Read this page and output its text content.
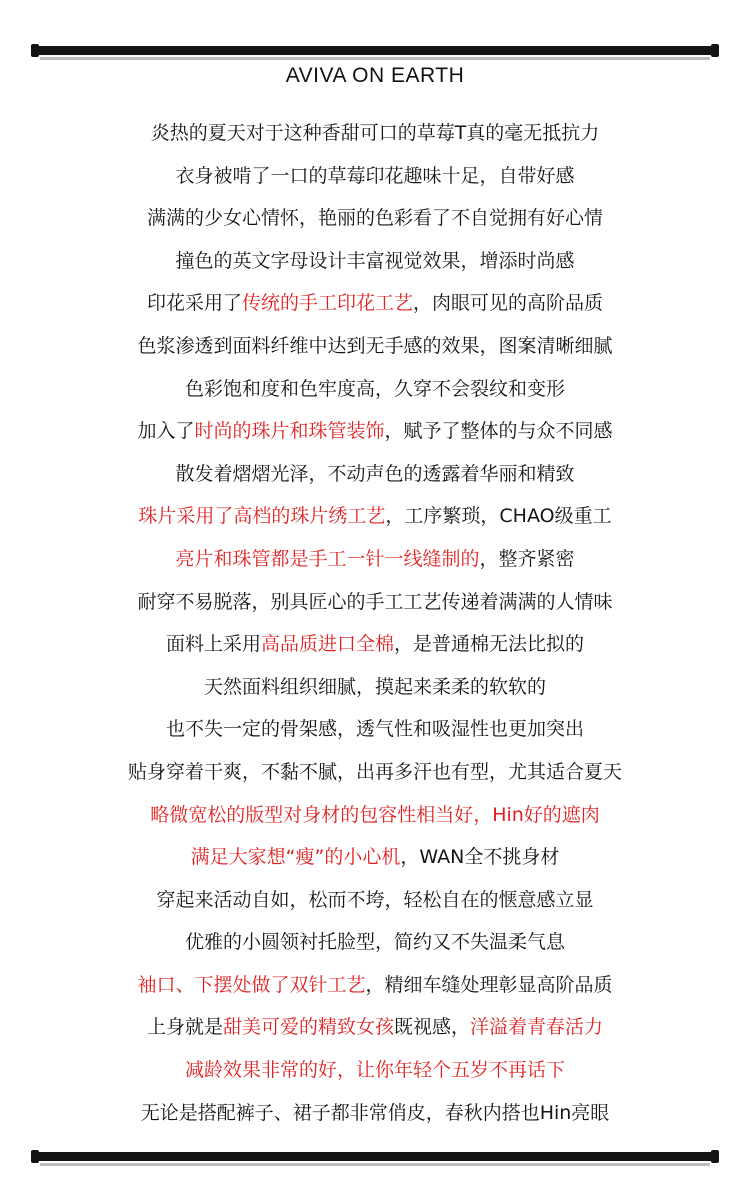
AVIVA ON EARTH
炎热的夏天对于这种香甜可口的草莓T真的毫无抵抗力
衣身被啃了一口的草莓印花趣味十足，自带好感
满满的少女心情怀，艳丽的色彩看了不自觉拥有好心情
撞色的英文字母设计丰富视觉效果，增添时尚感
印花采用了传统的手工印花工艺，肉眼可见的高阶品质
色浆渗透到面料纤维中达到无手感的效果，图案清晰细腻
色彩饱和度和色牢度高，久穿不会裂纹和变形
加入了时尚的珠片和珠管装饰，赋予了整体的与众不同感
散发着熠熠光泽，不动声色的透露着华丽和精致
珠片采用了高档的珠片绣工艺，工序繁琐，CHAO级重工
亮片和珠管都是手工一针一线缝制的，整齐紧密
耐穿不易脱落，别具匠心的手工工艺传递着满满的人情味
面料上采用高品质进口全棉，是普通棉无法比拟的
天然面料组织细腻，摸起来柔柔的软软的
也不失一定的骨架感，透气性和吸湿性也更加突出
贴身穿着干爽，不黏不腻，出再多汗也有型，尤其适合夏天
略微宽松的版型对身材的包容性相当好，Hin好的遮肉
满足大家想“瘦”的小心机，WAN全不挑身材
穿起来活动自如，松而不垮，轻松自在的惬意感立显
优雅的小圆领衬托脸型，简约又不失温柔气息
袖口、下摆处做了双针工艺，精细车缝处理彰显高阶品质
上身就是甜美可爱的精致女孩既视感，洋溢着青春活力
减龄效果非常的好，让你年轻个五岁不再话下
无论是搭配裤子、裙子都非常俏皮，春秋内搭也Hin亮眼
